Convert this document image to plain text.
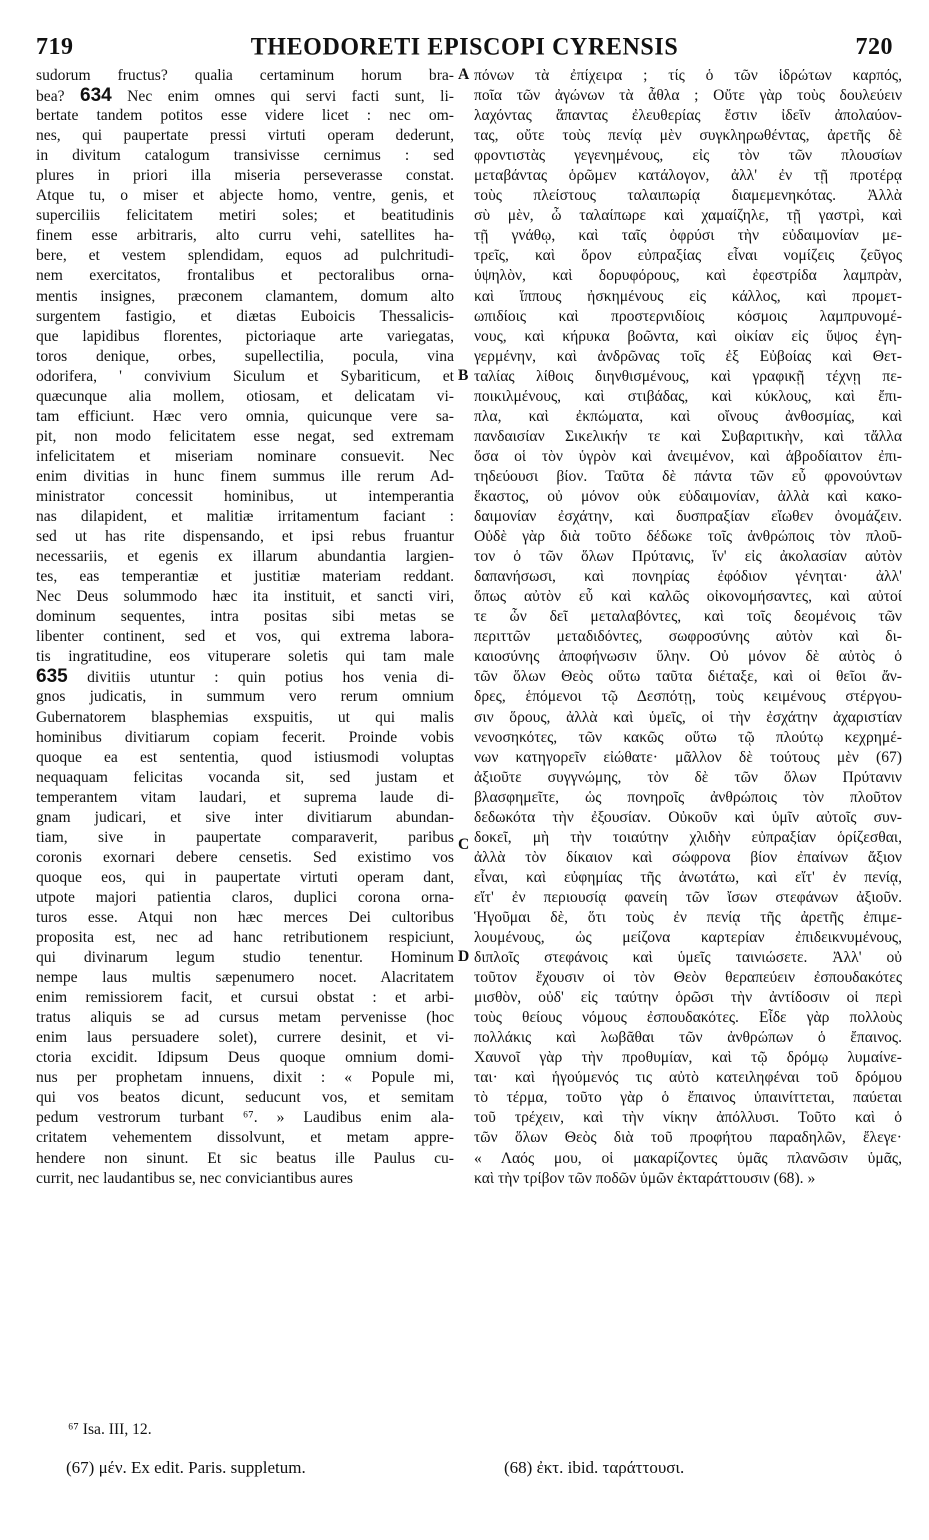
719	THEODORETI EPISCOPI CYRENSIS	720
sudorum fructus? qualia certaminum horum bra-
bea? 634 Nec enim omnes qui servi facti sunt, li-
bertate tandem potitos esse videre licet : nec om-
nes, qui paupertate pressi virtuti operam dederunt,
in divitum catalogum transivisse cernimus : sed
plures in priori illa miseria perseverasse constat.
Atque tu, o miser et abjecte homo, ventre, genis, et
superciliis felicitatem metiri soles; et beatitudinis
finem esse arbitraris, alto curru vehi, satellites ha-
bere, et vestem splendidam, equos ad pulchritudi-
nem exercitatos, frontalibus et pectoralibus orna-
mentis insignes, præconem clamantem, domum alto
surgentem fastigio, et diætas Euboicis Thessalicis-
que lapidibus florentes, pictoriaque arte variegatas,
toros denique, orbes, supellectilia, pocula, vina
odorifera, ' convivium Siculum et Sybariticum, et
quæcunque alia mollem, otiosam, et delicatam vi-
tam efficiunt. Hæc vero omnia, quicunque vere sa-
pit, non modo felicitatem esse negat, sed extremam
infelicitatem et miseriam nominare consuevit. Nec
enim divitias in hunc finem summus ille rerum Ad-
ministrator concessit hominibus, ut intemperantia
nas dilapident, et malitiæ irritamentum faciant :
sed ut has rite dispensando, et ipsi rebus fruantur
necessariis, et egenis ex illarum abundantia largien-
tes, eas temperantiæ et justitiæ materiam reddant.
Nec Deus solummodo hæc ita instituit, et sancti viri,
dominum sequentes, intra positas sibi metas se
libenter continent, sed et vos, qui extrema labora-
tis ingratitudine, eos vituperare soletis qui tam male
635 divitiis utuntur : quin potius hos venia di-
gnos judicatis, in summum vero rerum omnium
Gubernatorem blasphemias exspuitis, ut qui malis
hominibus divitiarum copiam fecerit. Proinde vobis
quoque ea est sententia, quod istiusmodi voluptas
nequaquam felicitas vocanda sit, sed justam et
temperantem vitam laudari, et suprema laude di-
gnam judicari, et sive inter divitiarum abundan-
tiam, sive in paupertate comparaverit, paribus
coronis exornari debere censetis. Sed existimo vos
quoque eos, qui in paupertate virtuti operam dant,
utpote majori patientia claros, duplici corona orna-
turos esse. Atqui non hæc merces Dei cultoribus
proposita est, nec ad hanc retributionem respiciunt,
qui divinarum legum studio tenentur. Hominum
nempe laus multis sæpenumero nocet. Alacritatem
enim remissiorem facit, et cursui obstat : et arbi-
tratus aliquis se ad cursus metam pervenisse (hoc
enim laus persuadere solet), currere desinit, et vi-
ctoria excidit. Idipsum Deus quoque omnium domi-
nus per prophetam innuens, dixit : « Populе mi,
qui vos beatos dicunt, seducunt vos, et semitam
pedum vestrorum turbant ⁶⁷. » Laudibus enim ala-
critatem vehementem dissolvunt, et metam appre-
hendere non sinunt. Et sic beatus ille Paulus cu-
currit, nec laudantibus se, nec conviciantibus aures
πόνων τὰ ἐπίχειρα ; τίς ὁ τῶν ἱδρώτων καρπός,
ποῖα τῶν ἀγώνων τὰ ἆθλα ; Οὔτε γὰρ τοὺς δουλεύειν
λαχόντας ἅπαντας ἐλευθερίας ἔστιν ἰδεῖν ἀπολαύον-
τας, οὔτε τοὺς πενίᾳ μὲν συγκληρωθέντας, ἀρετῆς δὲ
φροντιστὰς γεγενημένους, εἰς τὸν τῶν πλουσίων
μεταβάντας ὁρῶμεν κατάλογον, ἀλλ' ἐν τῇ προτέρᾳ
τοὺς πλείστους ταλαιπωρίᾳ διαμεμενηκότας. Ἀλλὰ
σὺ μὲν, ὦ ταλαίπωρε καὶ χαμαίζηλε, τῇ γαστρὶ, καὶ
τῇ γνάθῳ, καὶ ταῖς ὀφρύσι τὴν εὐδαιμονίαν με-
τρεῖς, καὶ ὅρον εὐπραξίας εἶναι νομίζεις ζεῦγος
ὑψηλὸν, καὶ δορυφόρους, καὶ ἐφεστρίδα λαμπρὰν,
καὶ ἵππους ἠσκημένους εἰς κάλλος, καὶ προμετ-
ωπιδίοις καὶ προστερνιδίοις κόσμοις λαμπρυνομέ-
νους, καὶ κήρυκα βοῶντα, καὶ οἰκίαν εἰς ὕψος ἐγη-
γερμένην, καὶ ἀνδρῶνας τοῖς ἐξ Εὐβοίας καὶ Θετ-
ταλίας λίθοις διηνθισμένους, καὶ γραφικῇ τέχνῃ πε-
ποικιλμένους, καὶ στιβάδας, καὶ κύκλους, καὶ ἔπι-
πλα, καὶ ἐκπώματα, καὶ οἴνους ἀνθοσμίας, καὶ
πανδαισίαν Σικελικήν τε καὶ Συβαριτικὴν, καὶ τἄλλα
ὅσα οἱ τὸν ὑγρὸν καὶ ἀνειμένον, καὶ ἁβροδίαιτον ἐπι-
τηδεύουσι βίον. Ταῦτα δὲ πάντα τῶν εὖ φρονούντων
ἕκαστος, οὐ μόνον οὐκ εὐδαιμονίαν, ἀλλὰ καὶ κακο-
δαιμονίαν ἐσχάτην, καὶ δυσπραξίαν εἴωθεν ὀνομάζειν.
Οὐδὲ γὰρ διὰ τοῦτο δέδωκε τοῖς ἀνθρώποις τὸν πλοῦ-
τον ὁ τῶν ὅλων Πρύτανις, ἵν' εἰς ἀκολασίαν αὐτὸν
δαπανήσωσι, καὶ πονηρίας ἐφόδιον γένηται· ἀλλ'
ὅπως αὐτὸν εὖ καὶ καλῶς οἰκονομήσαντες, καὶ αὐτοί
τε ὧν δεῖ μεταλαβόντες, καὶ τοῖς δεομένοις τῶν
περιττῶν μεταδιδόντες, σωφροσύνης αὐτὸν καὶ δι-
καιοσύνης ἀποφήνωσιν ὕλην. Οὐ μόνον δὲ αὐτὸς ὁ
τῶν ὅλων Θεὸς οὕτω ταῦτα διέταξε, καὶ οἱ θεῖοι ἄν-
δρες, ἑπόμενοι τῷ Δεσπότῃ, τοὺς κειμένους στέργου-
σιν ὅρους, ἀλλὰ καὶ ὑμεῖς, οἱ τὴν ἐσχάτην ἀχαριστίαν
νενοσηκότες, τῶν κακῶς οὕτω τῷ πλούτῳ κεχρημέ-
νων κατηγορεῖν εἰώθατε· μᾶλλον δὲ τούτους μὲν (67)
ἀξιοῦτε συγγνώμης, τὸν δὲ τῶν ὅλων Πρύτανιν
βλασφημεῖτε, ὡς πονηροῖς ἀνθρώποις τὸν πλοῦτον
δεδωκότα τὴν ἐξουσίαν. Οὐκοῦν καὶ ὑμῖν αὐτοῖς συν-
δοκεῖ, μὴ τὴν τοιαύτην χλιδὴν εὐπραξίαν ὁρίζεσθαι,
ἀλλὰ τὸν δίκαιον καὶ σώφρονα βίον ἐπαίνων ἄξιον
εἶναι, καὶ εὐφημίας τῆς ἀνωτάτω, καὶ εἴτ' ἐν πενίᾳ,
εἴτ' ἐν περιουσίᾳ φανείη τῶν ἴσων στεφάνων ἀξιοῦν.
Ἡγοῦμαι δὲ, ὅτι τοὺς ἐν πενίᾳ τῆς ἀρετῆς ἐπιμε-
λουμένους, ὡς μείζονα καρτερίαν ἐπιδεικνυμένους,
διπλοῖς στεφάνοις καὶ ὑμεῖς ταινιώσετε. Ἀλλ' οὐ
τοῦτον ἔχουσιν οἱ τὸν Θεὸν θεραπεύειν ἐσπουδακότες
μισθὸν, οὐδ' εἰς ταύτην ὁρῶσι τὴν ἀντίδοσιν οἱ περὶ
τοὺς θείους νόμους ἐσπουδακότες. Εἶδε γὰρ πολλοὺς
πολλάκις καὶ λωβᾶθαι τῶν ἀνθρώπων ὁ ἔπαινος.
Χαυνοῖ γὰρ τὴν προθυμίαν, καὶ τῷ δρόμῳ λυμαίνε-
ται· καὶ ἡγούμενός τις αὐτὸ κατειληφέναι τοῦ δρόμου
τὸ τέρμα, τοῦτο γὰρ ὁ ἔπαινος ὑπαινίττεται, παύεται
τοῦ τρέχειν, καὶ τὴν νίκην ἀπόλλυσι. Τοῦτο καὶ ὁ
τῶν ὅλων Θεὸς διὰ τοῦ προφήτου παραδηλῶν, ἔλεγε·
« Λαός μου, οἱ μακαρίζοντες ὑμᾶς πλανῶσιν ὑμᾶς,
καὶ τὴν τρίβον τῶν ποδῶν ὑμῶν ἐκταράττουσιν (68). »
A
B
C
D
⁶⁷ Isa. III, 12.
(67) μέν. Ex edit. Paris. suppletum.	(68) ἐκτ. ibid. ταράττουσι.
